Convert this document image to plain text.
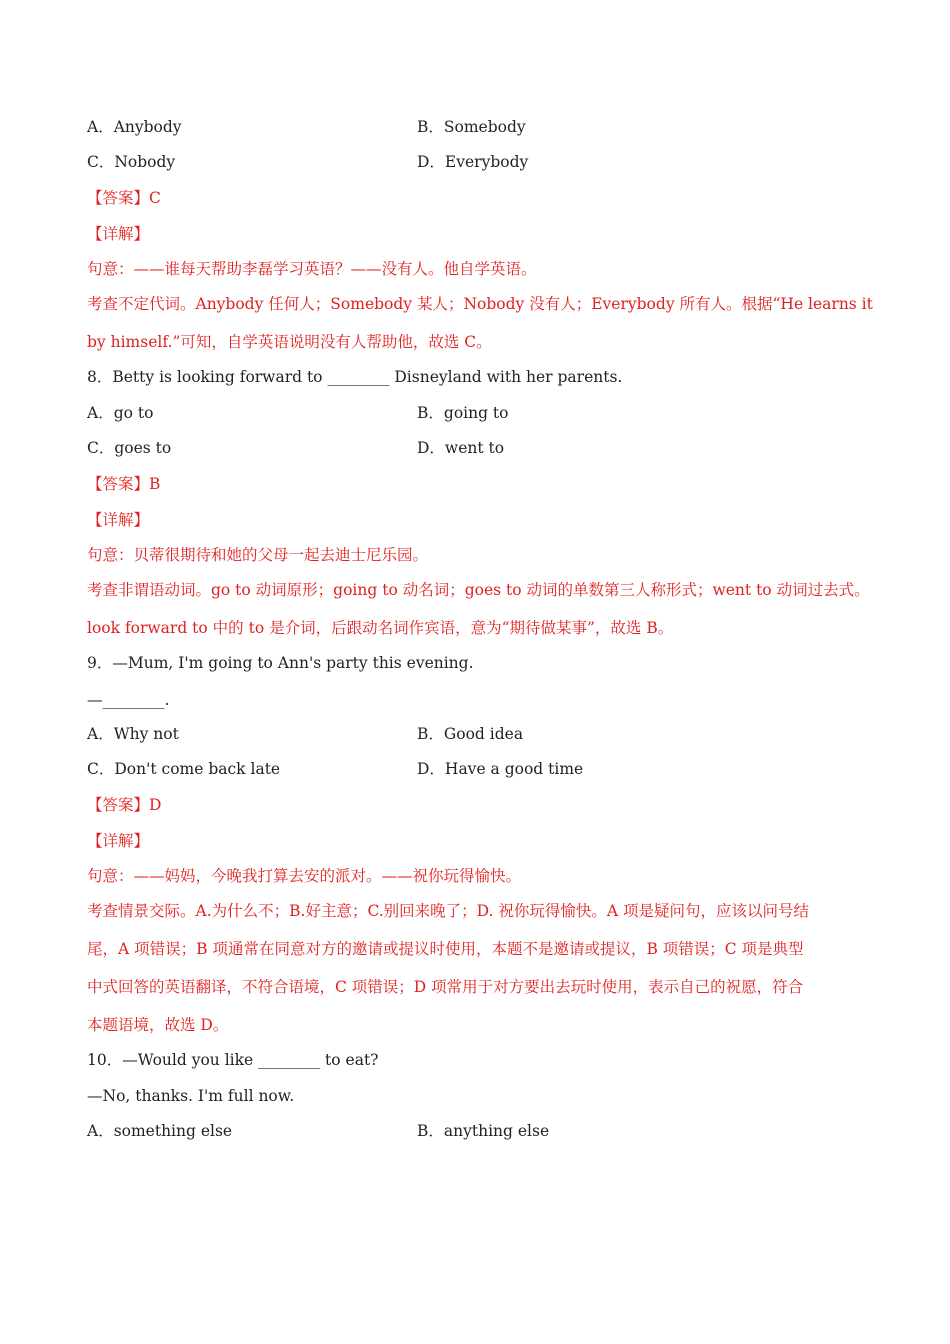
A．Anybody	B．Somebody
C．Nobody	D．Everybody
【答案】C
【详解】
句意：——谁每天帮助李磊学习英语？——没有人。他自学英语。
考查不定代词。Anybody 任何人；Somebody 某人；Nobody 没有人；Everybody 所有人。根据“He learns it
by himself.”可知，自学英语说明没有人帮助他，故选 C。
8．Betty is looking forward to ________ Disneyland with her parents.
A．go to	B．going to
C．goes to	D．went to
【答案】B
【详解】
句意：贝蒂很期待和她的父母一起去迪士尼乐园。
考查非谓语动词。go to 动词原形；going to 动名词；goes to 动词的单数第三人称形式；went to 动词过去式。
look forward to 中的 to 是介词，后跟动名词作宾语，意为“期待做某事”，故选 B。
9．—Mum, I'm going to Ann's party this evening.
—________.
A．Why not	B．Good idea
C．Don't come back late	D．Have a good time
【答案】D
【详解】
句意：——妈妈，今晚我打算去安的派对。——祝你玩得愉快。
考查情景交际。A.为什么不；B.好主意；C.别回来晚了；D. 祝你玩得愉快。A 项是疑问句，应该以问号结
尾，A 项错误；B 项通常在同意对方的邀请或提议时使用，本题不是邀请或提议，B 项错误；C 项是典型
中式回答的英语翻译，不符合语境，C 项错误；D 项常用于对方要出去玩时使用，表示自己的祝愿，符合
本题语境，故选 D。
10．—Would you like ________ to eat?
—No, thanks. I'm full now.
A．something else	B．anything else
